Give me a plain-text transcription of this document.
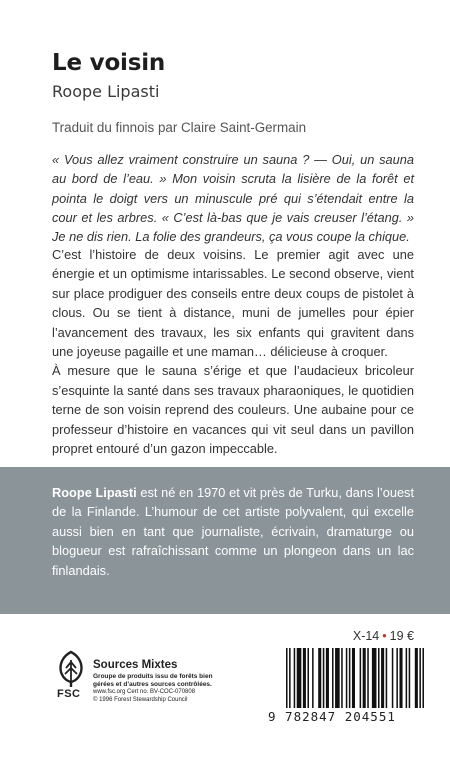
Le voisin
Roope Lipasti
Traduit du finnois par Claire Saint-Germain
« Vous allez vraiment construire un sauna ? — Oui, un sauna au bord de l’eau. » Mon voisin scruta la lisière de la forêt et pointa le doigt vers un minuscule pré qui s’étendait entre la cour et les arbres. « C’est là-bas que je vais creuser l’étang. » Je ne dis rien. La folie des grandeurs, ça vous coupe la chique.

C’est l’histoire de deux voisins. Le premier agit avec une énergie et un optimisme intarissables. Le second observe, vient sur place prodiguer des conseils entre deux coups de pistolet à clous. Ou se tient à distance, muni de jumelles pour épier l’avancement des travaux, les six enfants qui gravitent dans une joyeuse pagaille et une maman… délicieuse à croquer.

À mesure que le sauna s’érige et que l’audacieux bricoleur s’esquinte la santé dans ses travaux pharaoniques, le quotidien terne de son voisin reprend des couleurs. Une aubaine pour ce professeur d’histoire en vacances qui vit seul dans un pavillon propret entouré d’un gazon impeccable.

Roope Lipasti est né en 1970 et vit près de Turku, dans l’ouest de la Finlande. L’humour de cet artiste polyvalent, qui excelle aussi bien en tant que journaliste, écrivain, dramaturge ou blogueur est rafraîchissant comme un plongeon dans un lac finlandais.
X-14 • 19 €
FSC
Sources Mixtes
Groupe de produits issu de forêts bien gérées et d’autres sources contrôlées.
www.fsc.org Cert no. BV-COC-070808
© 1996 Forest Stewardship Council
9 782847 204551
